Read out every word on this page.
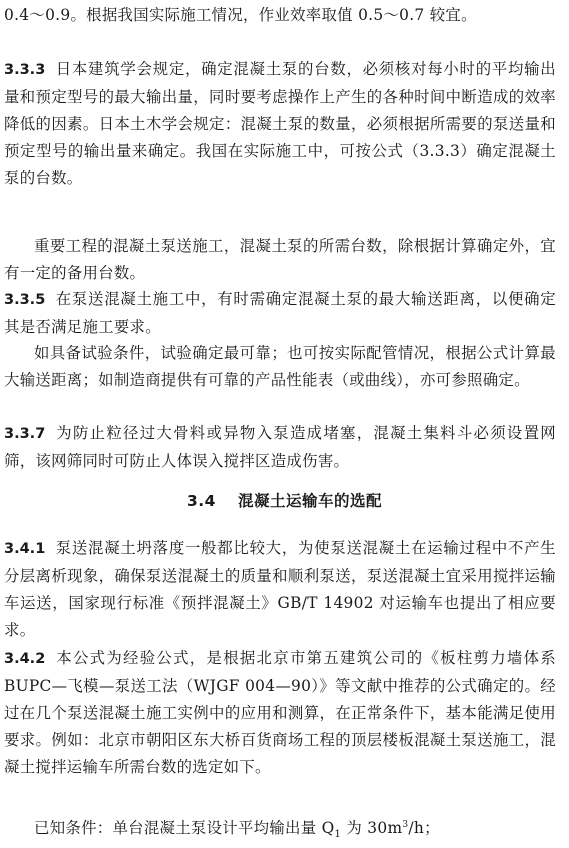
0.4～0.9。根据我国实际施工情况，作业效率取值 0.5～0.7 较宜。

3.3.3 日本建筑学会规定，确定混凝土泵的台数，必须核对每小时的平均输出量和预定型号的最大输出量，同时要考虑操作上产生的各种时间中断造成的效率降低的因素。日本土木学会规定：混凝土泵的数量，必须根据所需要的泵送量和预定型号的输出量来确定。我国在实际施工中，可按公式（3.3.3）确定混凝土泵的台数。

重要工程的混凝土泵送施工，混凝土泵的所需台数，除根据计算确定外，宜有一定的备用台数。

3.3.5 在泵送混凝土施工中，有时需确定混凝土泵的最大输送距离，以便确定其是否满足施工要求。

如具备试验条件，试验确定最可靠；也可按实际配管情况，根据公式计算最大输送距离；如制造商提供有可靠的产品性能表（或曲线），亦可参照确定。

3.3.7 为防止粒径过大骨料或异物入泵造成堵塞，混凝土集料斗必须设置网筛，该网筛同时可防止人体误入搅拌区造成伤害。

3.4 混凝土运输车的选配

3.4.1 泵送混凝土坍落度一般都比较大，为使泵送混凝土在运输过程中不产生分层离析现象，确保泵送混凝土的质量和顺利泵送，泵送混凝土宜采用搅拌运输车运送，国家现行标准《预拌混凝土》GB/T 14902 对运输车也提出了相应要求。

3.4.2 本公式为经验公式，是根据北京市第五建筑公司的《板柱剪力墙体系 BUPC—飞模—泵送工法（WJGF 004—90）》等文献中推荐的公式确定的。经过在几个泵送混凝土施工实例中的应用和测算，在正常条件下，基本能满足使用要求。例如：北京市朝阳区东大桥百货商场工程的顶层楼板混凝土泵送施工，混凝土搅拌运输车所需台数的选定如下。

已知条件：单台混凝土泵设计平均输出量 $Q_1$ 为 $30m^3/h$；
